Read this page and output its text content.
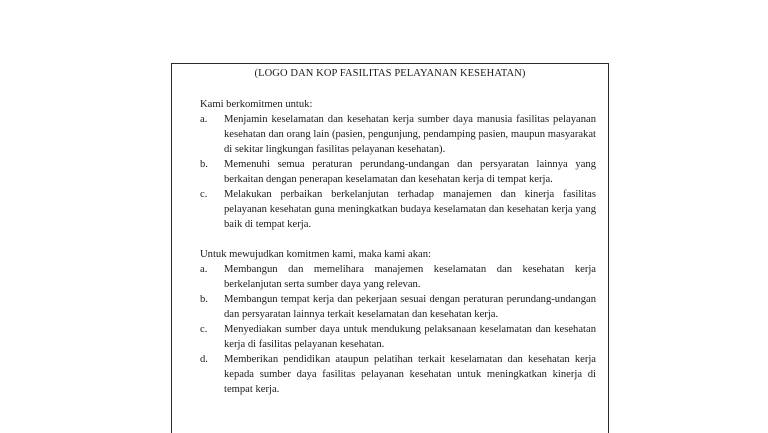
(LOGO DAN KOP FASILITAS PELAYANAN KESEHATAN)

Kami berkomitmen untuk:

a. Menjamin keselamatan dan kesehatan kerja sumber daya manusia fasilitas pelayanan kesehatan dan orang lain (pasien, pengunjung, pendamping pasien, maupun masyarakat di sekitar lingkungan fasilitas pelayanan kesehatan).
b. Memenuhi semua peraturan perundang-undangan dan persyaratan lainnya yang berkaitan dengan penerapan keselamatan dan kesehatan kerja di tempat kerja.
c. Melakukan perbaikan berkelanjutan terhadap manajemen dan kinerja fasilitas pelayanan kesehatan guna meningkatkan budaya keselamatan dan kesehatan kerja yang baik di tempat kerja.

Untuk mewujudkan komitmen kami, maka kami akan:

a. Membangun dan memelihara manajemen keselamatan dan kesehatan kerja berkelanjutan serta sumber daya yang relevan.
b. Membangun tempat kerja dan pekerjaan sesuai dengan peraturan perundang-undangan dan persyaratan lainnya terkait keselamatan dan kesehatan kerja.
c. Menyediakan sumber daya untuk mendukung pelaksanaan keselamatan dan kesehatan kerja di fasilitas pelayanan kesehatan.
d. Memberikan pendidikan ataupun pelatihan terkait keselamatan dan kesehatan kerja kepada sumber daya fasilitas pelayanan kesehatan untuk meningkatkan kinerja di tempat kerja.
